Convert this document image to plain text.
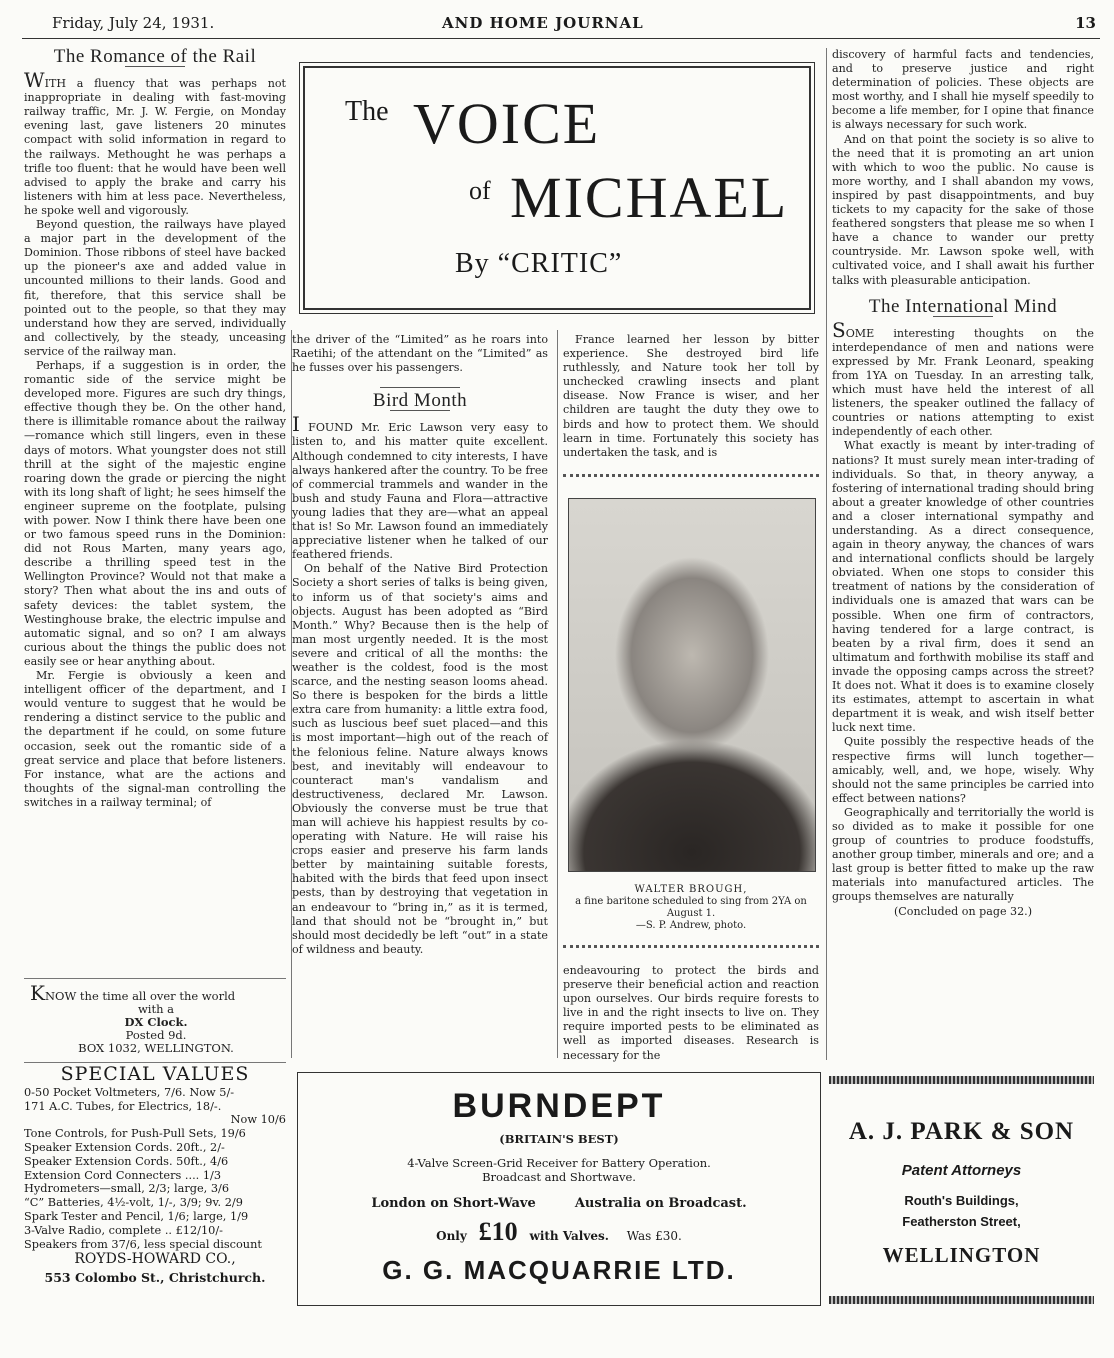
Friday, July 24, 1931.	AND HOME JOURNAL	13
The Romance of the Rail

WITH a fluency that was perhaps not inappropriate in dealing with fast-moving railway traffic, Mr. J. W. Fergie, on Monday evening last, gave listeners 20 minutes compact with solid information in regard to the railways. Methought he was perhaps a trifle too fluent: that he would have been well advised to apply the brake and carry his listeners with him at less pace. Nevertheless, he spoke well and vigorously.

Beyond question, the railways have played a major part in the development of the Dominion. Those ribbons of steel have backed up the pioneer's axe and added value in uncounted millions to their lands. Good and fit, therefore, that this service shall be pointed out to the people, so that they may understand how they are served, individually and collectively, by the steady, unceasing service of the railway man.

Perhaps, if a suggestion is in order, the romantic side of the service might be developed more. Figures are such dry things, effective though they be. On the other hand, there is illimitable romance about the railway—romance which still lingers, even in these days of motors. What youngster does not still thrill at the sight of the majestic engine roaring down the grade or piercing the night with its long shaft of light; he sees himself the engineer supreme on the footplate, pulsing with power. Now I think there have been one or two famous speed runs in the Dominion: did not Rous Marten, many years ago, describe a thrilling speed test in the Wellington Province? Would not that make a story? Then what about the ins and outs of safety devices: the tablet system, the Westinghouse brake, the electric impulse and automatic signal, and so on? I am always curious about the things the public does not easily see or hear anything about.

Mr. Fergie is obviously a keen and intelligent officer of the department, and I would venture to suggest that he would be rendering a distinct service to the public and the department if he could, on some future occasion, seek out the romantic side of a great service and place that before listeners. For instance, what are the actions and thoughts of the signal-man controlling the switches in a railway terminal; of

KNOW the time all over the world
with a
DX Clock.
Posted 9d.
BOX 1032, WELLINGTON.
SPECIAL VALUES
0-50 Pocket Voltmeters, 7/6. Now 5/-
171 A.C. Tubes, for Electrics, 18/-.
Now 10/6
Tone Controls, for Push-Pull Sets, 19/6
Speaker Extension Cords. 20ft., 2/-
Speaker Extension Cords. 50ft., 4/6
Extension Cord Connecters .... 1/3
Hydrometers—small, 2/3; large, 3/6
“C” Batteries, 4½-volt, 1/-, 3/9; 9v. 2/9
Spark Tester and Pencil, 1/6; large, 1/9
3-Valve Radio, complete .. £12/10/-
Speakers from 37/6, less special discount
ROYDS-HOWARD CO.,
553 Colombo St., Christchurch.
The VOICE
of MICHAEL
By “CRITIC”

the driver of the “Limited” as he roars into Raetihi; of the attendant on the “Limited” as he fusses over his passengers.

Bird Month

I FOUND Mr. Eric Lawson very easy to listen to, and his matter quite excellent. Although condemned to city interests, I have always hankered after the country. To be free of commercial trammels and wander in the bush and study Fauna and Flora—attractive young ladies that they are—what an appeal that is! So Mr. Lawson found an immediately appreciative listener when he talked of our feathered friends.

On behalf of the Native Bird Protection Society a short series of talks is being given, to inform us of that society's aims and objects. August has been adopted as “Bird Month.” Why? Because then is the help of man most urgently needed. It is the most severe and critical of all the months: the weather is the coldest, food is the most scarce, and the nesting season looms ahead. So there is bespoken for the birds a little extra care from humanity: a little extra food, such as luscious beef suet placed—and this is most important—high out of the reach of the felonious feline. Nature always knows best, and inevitably will endeavour to counteract man's vandalism and destructiveness, declared Mr. Lawson. Obviously the converse must be true that man will achieve his happiest results by co-operating with Nature. He will raise his crops easier and preserve his farm lands better by maintaining suitable forests, habited with the birds that feed upon insect pests, than by destroying that vegetation in an endeavour to “bring in,” as it is termed, land that should not be “brought in,” but should most decidedly be left “out” in a state of wildness and beauty.

France learned her lesson by bitter experience. She destroyed bird life ruthlessly, and Nature took her toll by unchecked crawling insects and plant disease. Now France is wiser, and her children are taught the duty they owe to birds and how to protect them. We should learn in time. Fortunately this society has undertaken the task, and is

WALTER BROUGH,
a fine baritone scheduled to sing from 2YA on August 1.
—S. P. Andrew, photo.

endeavouring to protect the birds and preserve their beneficial action and reaction upon ourselves. Our birds require forests to live in and the right insects to live on. They require imported pests to be eliminated as well as imported diseases. Research is necessary for the

discovery of harmful facts and tendencies, and to preserve justice and right determination of policies. These objects are most worthy, and I shall hie myself speedily to become a life member, for I opine that finance is always necessary for such work.

And on that point the society is so alive to the need that it is promoting an art union with which to woo the public. No cause is more worthy, and I shall abandon my vows, inspired by past disappointments, and buy tickets to my capacity for the sake of those feathered songsters that please me so when I have a chance to wander our pretty countryside. Mr. Lawson spoke well, with cultivated voice, and I shall await his further talks with pleasurable anticipation.

The International Mind

SOME interesting thoughts on the interdependance of men and nations were expressed by Mr. Frank Leonard, speaking from 1YA on Tuesday. In an arresting talk, which must have held the interest of all listeners, the speaker outlined the fallacy of countries or nations attempting to exist independently of each other.

What exactly is meant by inter-trading of nations? It must surely mean inter-trading of individuals. So that, in theory anyway, a fostering of international trading should bring about a greater knowledge of other countries and a closer international sympathy and understanding. As a direct consequence, again in theory anyway, the chances of wars and international conflicts should be largely obviated. When one stops to consider this treatment of nations by the consideration of individuals one is amazed that wars can be possible. When one firm of contractors, having tendered for a large contract, is beaten by a rival firm, does it send an ultimatum and forthwith mobilise its staff and invade the opposing camps across the street? It does not. What it does is to examine closely its estimates, attempt to ascertain in what department it is weak, and wish itself better luck next time.

Quite possibly the respective heads of the respective firms will lunch together—amicably, well, and, we hope, wisely. Why should not the same principles be carried into effect between nations?

Geographically and territorially the world is so divided as to make it possible for one group of countries to produce foodstuffs, another group timber, minerals and ore; and a last group is better fitted to make up the raw materials into manufactured articles. The groups themselves are naturally

(Concluded on page 32.)
BURNDEPT
(BRITAIN'S BEST)
4-Valve Screen-Grid Receiver for Battery Operation.
Broadcast and Shortwave.
London on Short-Wave	Australia on Broadcast.
Only £10 with Valves. Was £30.
G. G. MACQUARRIE LTD.
A. J. PARK & SON
Patent Attorneys
Routh's Buildings,
Featherston Street,
WELLINGTON
